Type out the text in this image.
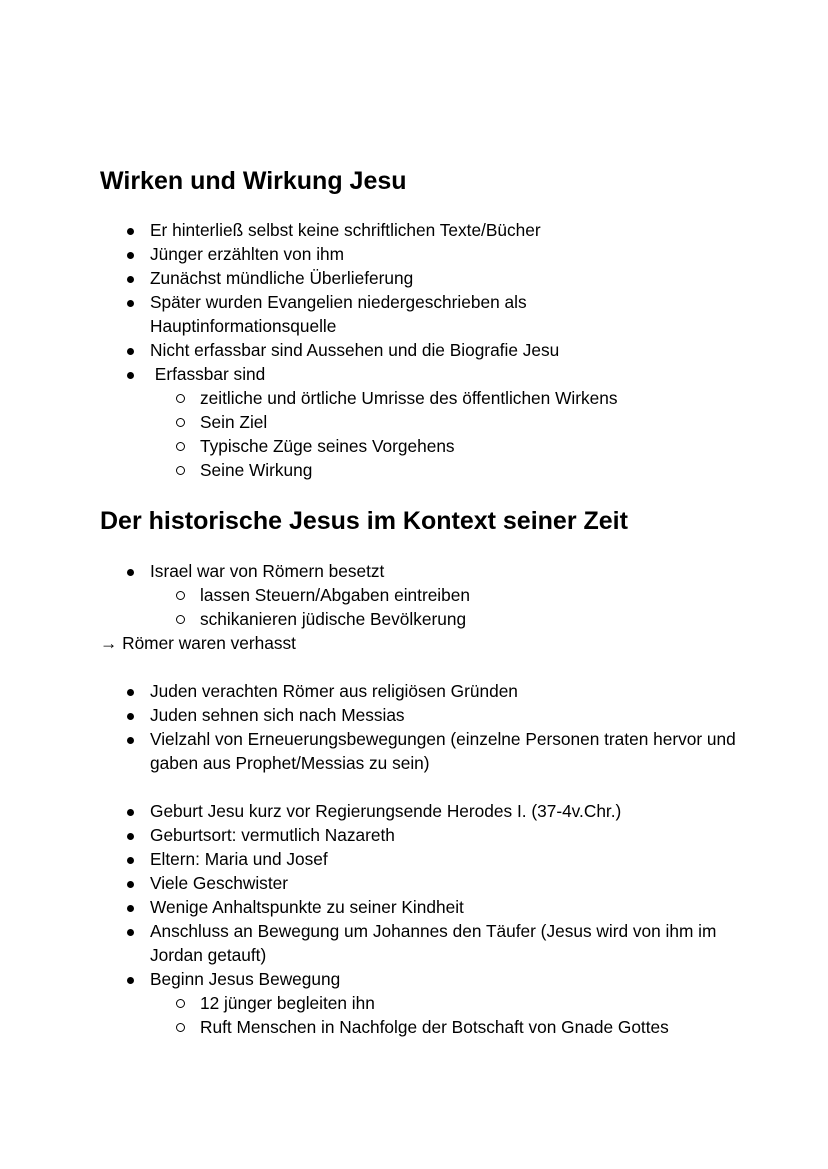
Wirken und Wirkung Jesu
Er hinterließ selbst keine schriftlichen Texte/Bücher
Jünger erzählten von ihm
Zunächst mündliche Überlieferung
Später wurden Evangelien niedergeschrieben als Hauptinformationsquelle
Nicht erfassbar sind Aussehen und die Biografie Jesu
Erfassbar sind
zeitliche und örtliche Umrisse des öffentlichen Wirkens
Sein Ziel
Typische Züge seines Vorgehens
Seine Wirkung
Der historische Jesus im Kontext seiner Zeit
Israel war von Römern besetzt
lassen Steuern/Abgaben eintreiben
schikanieren jüdische Bevölkerung
→ Römer waren verhasst
Juden verachten Römer aus religiösen Gründen
Juden sehnen sich nach Messias
Vielzahl von Erneuerungsbewegungen (einzelne Personen traten hervor und gaben aus Prophet/Messias zu sein)
Geburt Jesu kurz vor Regierungsende Herodes I. (37-4v.Chr.)
Geburtsort: vermutlich Nazareth
Eltern: Maria und Josef
Viele Geschwister
Wenige Anhaltspunkte zu seiner Kindheit
Anschluss an Bewegung um Johannes den Täufer (Jesus wird von ihm im Jordan getauft)
Beginn Jesus Bewegung
12 jünger begleiten ihn
Ruft Menschen in Nachfolge der Botschaft von Gnade Gottes
